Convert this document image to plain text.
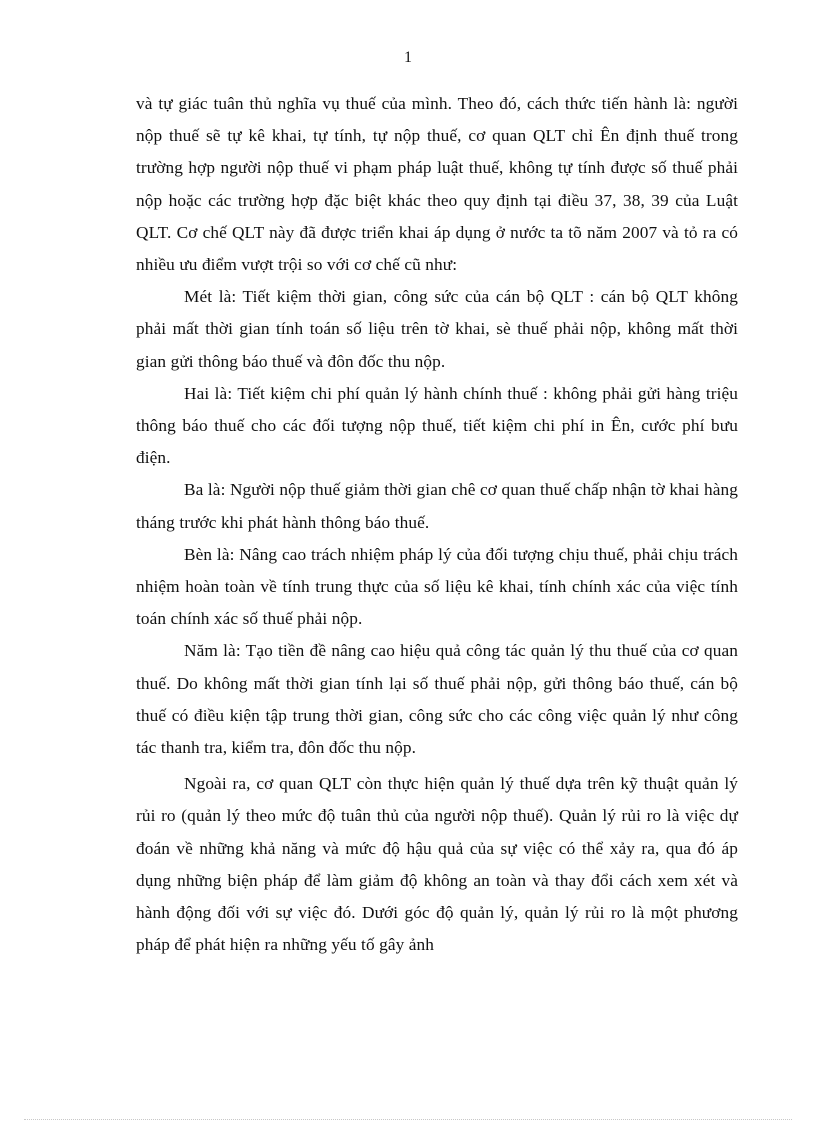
1

và tự giác tuân thủ nghĩa vụ thuế của mình. Theo đó, cách thức tiến hành là: người nộp thuế sẽ tự kê khai, tự tính, tự nộp thuế, cơ quan QLT chỉ Ên định thuế trong trường hợp người nộp thuế vi phạm pháp luật thuế, không tự tính được số thuế phải nộp hoặc các trường hợp đặc biệt khác theo quy định tại điều 37, 38, 39 của Luật QLT. Cơ chế QLT này đã được triển khai áp dụng ở nước ta tõ năm 2007 và tỏ ra có nhiều ưu điểm vượt trội so với cơ chế cũ như:

Mét là: Tiết kiệm thời gian, công sức của cán bộ QLT : cán bộ QLT không phải mất thời gian tính toán số liệu trên tờ khai, sè thuế phải nộp, không mất thời gian gửi thông báo thuế và đôn đốc thu nộp.

Hai là: Tiết kiệm chi phí quản lý hành chính thuế : không phải gửi hàng triệu thông báo thuế cho các đối tượng nộp thuế, tiết kiệm chi phí in Ên, cước phí bưu điện.

Ba là: Người nộp thuế giảm thời gian chê cơ quan thuế chấp nhận tờ khai hàng tháng trước khi phát hành thông báo thuế.

Bèn là: Nâng cao trách nhiệm pháp lý của đối tượng chịu thuế, phải chịu trách nhiệm hoàn toàn về tính trung thực của số liệu kê khai, tính chính xác của việc tính toán chính xác số thuế phải nộp.

Năm là: Tạo tiền đề nâng cao hiệu quả công tác quản lý thu thuế của cơ quan thuế. Do không mất thời gian tính lại số thuế phải nộp, gửi thông báo thuế, cán bộ thuế có điều kiện tập trung thời gian, công sức cho các công việc quản lý như công tác thanh tra, kiểm tra, đôn đốc thu nộp.

Ngoài ra, cơ quan QLT còn thực hiện quản lý thuế dựa trên kỹ thuật quản lý rủi ro (quản lý theo mức độ tuân thủ của người nộp thuế). Quản lý rủi ro là việc dự đoán về những khả năng và mức độ hậu quả của sự việc có thể xảy ra, qua đó áp dụng những biện pháp để làm giảm độ không an toàn và thay đổi cách xem xét và hành động đối với sự việc đó. Dưới góc độ quản lý, quản lý rủi ro là một phương pháp để phát hiện ra những yếu tố gây ảnh
